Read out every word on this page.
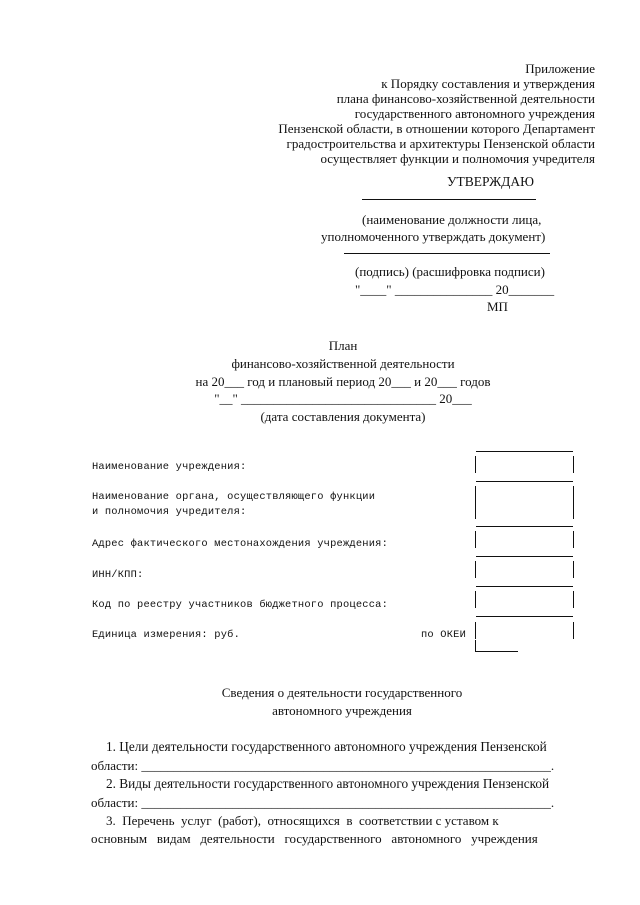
Приложение
к Порядку составления и утверждения
плана финансово-хозяйственной деятельности
государственного автономного учреждения
Пензенской области, в отношении которого Департамент
градостроительства и архитектуры Пензенской области
осуществляет функции и полномочия учредителя
УТВЕРЖДАЮ
(наименование должности лица,
уполномоченного утверждать документ)
(подпись) (расшифровка подписи)
"____" _______________ 20_______
МП
План
финансово-хозяйственной деятельности
на 20___ год и плановый период 20___ и 20___ годов
"__" ______________________________ 20___
(дата составления документа)
Наименование учреждения:
Наименование органа, осуществляющего функции
и полномочия учредителя:
Адрес фактического местонахождения учреждения:
ИНН/КПП:
Код по реестру участников бюджетного процесса:
Единица измерения: руб.	по ОКЕИ
Сведения о деятельности государственного
автономного учреждения
1. Цели деятельности государственного автономного учреждения Пензенской
области: _______________________________________________________________.
2. Виды деятельности государственного автономного учреждения Пензенской
области: _______________________________________________________________.
3.  Перечень  услуг  (работ),  относящихся  в  соответствии с уставом к
основным   видам   деятельности   государственного   автономного   учреждения
